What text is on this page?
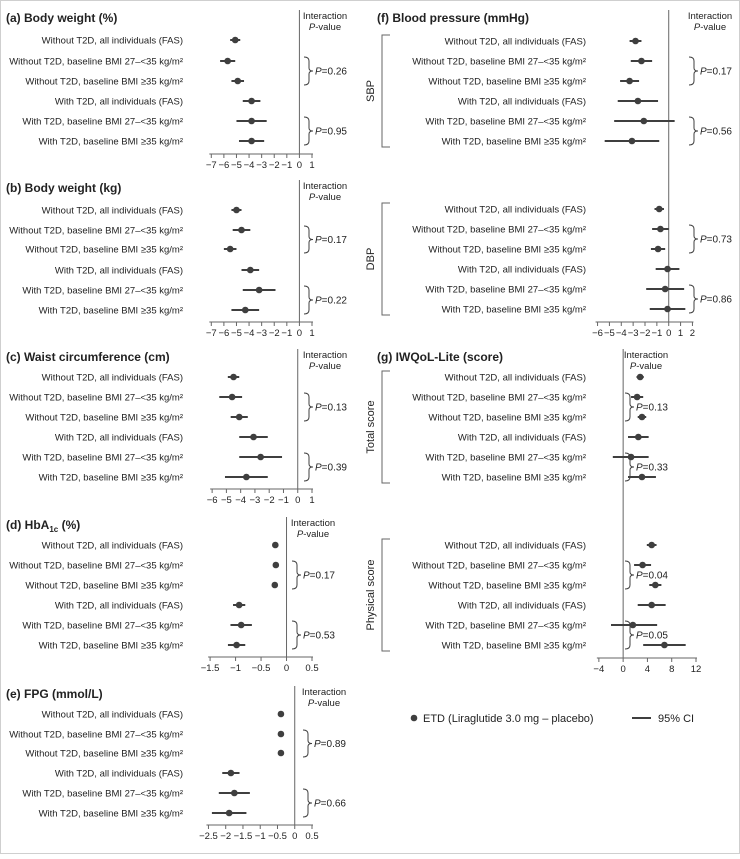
(a) Body weight (%)	Interaction
P-value
−7 −6 −5 −4 −3 −2 −1 0 1
Without T2D, all individuals (FAS)
Without T2D, baseline BMI 27–<35 kg/m²
Without T2D, baseline BMI ≥35 kg/m²
With T2D, all individuals (FAS)
With T2D, baseline BMI 27–<35 kg/m²
With T2D, baseline BMI ≥35 kg/m²
P=0.26
P=0.95
(b) Body weight (kg)	Interaction
P-value
−7 −6 −5 −4 −3 −2 −1 0 1
Without T2D, all individuals (FAS)
Without T2D, baseline BMI 27–<35 kg/m²
Without T2D, baseline BMI ≥35 kg/m²
With T2D, all individuals (FAS)
With T2D, baseline BMI 27–<35 kg/m²
With T2D, baseline BMI ≥35 kg/m²
P=0.17
P=0.22
(c) Waist circumference (cm)	Interaction
P-value
−6 −5 −4 −3 −2 −1 0 1
Without T2D, all individuals (FAS)
Without T2D, baseline BMI 27–<35 kg/m²
Without T2D, baseline BMI ≥35 kg/m²
With T2D, all individuals (FAS)
With T2D, baseline BMI 27–<35 kg/m²
With T2D, baseline BMI ≥35 kg/m²
P=0.13
P=0.39
(d) HbA$_{1c}$ (%)	Interaction
P-value
−1.5 −1 −0.5 0 0.5
Without T2D, all individuals (FAS)
Without T2D, baseline BMI 27–<35 kg/m²
Without T2D, baseline BMI ≥35 kg/m²
With T2D, all individuals (FAS)
With T2D, baseline BMI 27–<35 kg/m²
With T2D, baseline BMI ≥35 kg/m²
P=0.17
P=0.53
(e) FPG (mmol/L)	Interaction
P-value
−2.5 −2 −1.5 −1 −0.5 0 0.5
Without T2D, all individuals (FAS)
Without T2D, baseline BMI 27–<35 kg/m²
Without T2D, baseline BMI ≥35 kg/m²
With T2D, all individuals (FAS)
With T2D, baseline BMI 27–<35 kg/m²
With T2D, baseline BMI ≥35 kg/m²
P=0.89
P=0.66
(f) Blood pressure (mmHg)	Interaction
P-value
−6 −5 −4 −3 −2 −1 0 1 2
Without T2D, all individuals (FAS)
Without T2D, baseline BMI 27–<35 kg/m²
Without T2D, baseline BMI ≥35 kg/m²
With T2D, all individuals (FAS)
With T2D, baseline BMI 27–<35 kg/m²
With T2D, baseline BMI ≥35 kg/m²
Without T2D, all individuals (FAS)
Without T2D, baseline BMI 27–<35 kg/m²
Without T2D, baseline BMI ≥35 kg/m²
With T2D, all individuals (FAS)
With T2D, baseline BMI 27–<35 kg/m²
With T2D, baseline BMI ≥35 kg/m²
P=0.17
P=0.56
P=0.73
P=0.86
SBP
DBP
(g) IWQoL-Lite (score)	Interaction
P-value
−4 0 4 8 12
Without T2D, all individuals (FAS)
Without T2D, baseline BMI 27–<35 kg/m²
Without T2D, baseline BMI ≥35 kg/m²
With T2D, all individuals (FAS)
With T2D, baseline BMI 27–<35 kg/m²
With T2D, baseline BMI ≥35 kg/m²
Without T2D, all individuals (FAS)
Without T2D, baseline BMI 27–<35 kg/m²
Without T2D, baseline BMI ≥35 kg/m²
With T2D, all individuals (FAS)
With T2D, baseline BMI 27–<35 kg/m²
With T2D, baseline BMI ≥35 kg/m²
P=0.13
P=0.33
P=0.04
P=0.05
Total score
Physical score
ETD (Liraglutide 3.0 mg – placebo)	95% CI
